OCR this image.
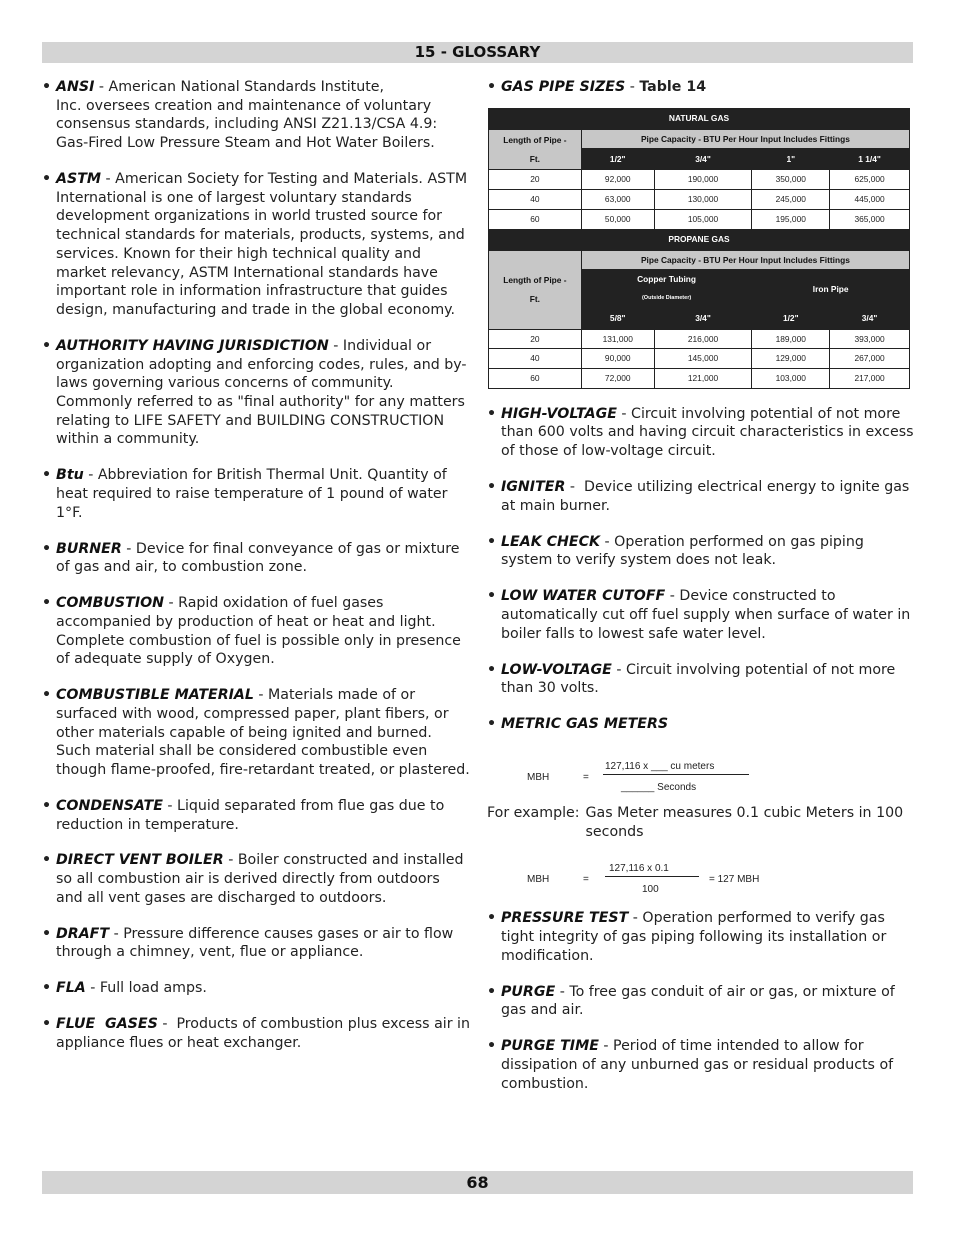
15 - GLOSSARY
• ANSI - American National Standards Institute,
Inc. oversees creation and maintenance of voluntary consensus standards, including ANSI Z21.13/CSA 4.9: Gas-Fired Low Pressure Steam and Hot Water Boilers.
• ASTM - American Society for Testing and Materials. ASTM International is one of largest voluntary standards development organizations in world trusted source for technical standards for materials, products, systems, and services. Known for their high technical quality and market relevancy, ASTM International standards have important role in information infrastructure that guides design, manufacturing and trade in the global economy.
• AUTHORITY HAVING JURISDICTION - Individual or organization adopting and enforcing codes, rules, and by-laws governing various concerns of community. Commonly referred to as "final authority" for any matters relating to LIFE SAFETY and BUILDING CONSTRUCTION within a community.
• Btu - Abbreviation for British Thermal Unit. Quantity of heat required to raise temperature of 1 pound of water 1°F.
• BURNER - Device for final conveyance of gas or mixture of gas and air, to combustion zone.
• COMBUSTION - Rapid oxidation of fuel gases accompanied by production of heat or heat and light. Complete combustion of fuel is possible only in presence of adequate supply of Oxygen.
• COMBUSTIBLE MATERIAL - Materials made of or surfaced with wood, compressed paper, plant fibers, or other materials capable of being ignited and burned. Such material shall be considered combustible even though flame-proofed, fire-retardant treated, or plastered.
• CONDENSATE - Liquid separated from flue gas due to reduction in temperature.
• DIRECT VENT BOILER - Boiler constructed and installed so all combustion air is derived directly from outdoors and all vent gases are discharged to outdoors.
• DRAFT - Pressure difference causes gases or air to flow through a chimney, vent, flue or appliance.
• FLA - Full load amps.
• FLUE  GASES -  Products of combustion plus excess air in appliance flues or heat exchanger.
• GAS PIPE SIZES - Table 14
NATURAL GAS				
Length of Pipe - Ft.	Pipe Capacity - BTU Per Hour Input Includes Fittings			
	1/2"	3/4"	1"	1 1/4"
20	92,000	190,000	350,000	625,000
40	63,000	130,000	245,000	445,000
60	50,000	105,000	195,000	365,000
PROPANE GAS				
Length of Pipe - Ft.	Pipe Capacity - BTU Per Hour Input Includes Fittings			
	Copper Tubing
(Outside Diameter)		Iron Pipe	
	5/8"	3/4"	1/2"	3/4"
20	131,000	216,000	189,000	393,000
40	90,000	145,000	129,000	267,000
60	72,000	121,000	103,000	217,000
• HIGH-VOLTAGE - Circuit involving potential of not more than 600 volts and having circuit characteristics in excess of those of low-voltage circuit.
• IGNITER -  Device utilizing electrical energy to ignite gas at main burner.
• LEAK CHECK - Operation performed on gas piping system to verify system does not leak.
• LOW WATER CUTOFF - Device constructed to automatically cut off fuel supply when surface of water in boiler falls to lowest safe water level.
• LOW-VOLTAGE - Circuit involving potential of not more than 30 volts.
• METRIC GAS METERS
MBH	=
127,116 x ___ cu meters
______ Seconds
For example: Gas Meter measures 0.1 cubic Meters in 100 seconds
MBH	=
127,116 x 0.1
100
= 127 MBH
• PRESSURE TEST - Operation performed to verify gas tight integrity of gas piping following its installation or modification.
• PURGE - To free gas conduit of air or gas, or mixture of gas and air.
• PURGE TIME - Period of time intended to allow for dissipation of any unburned gas or residual products of combustion.
68
